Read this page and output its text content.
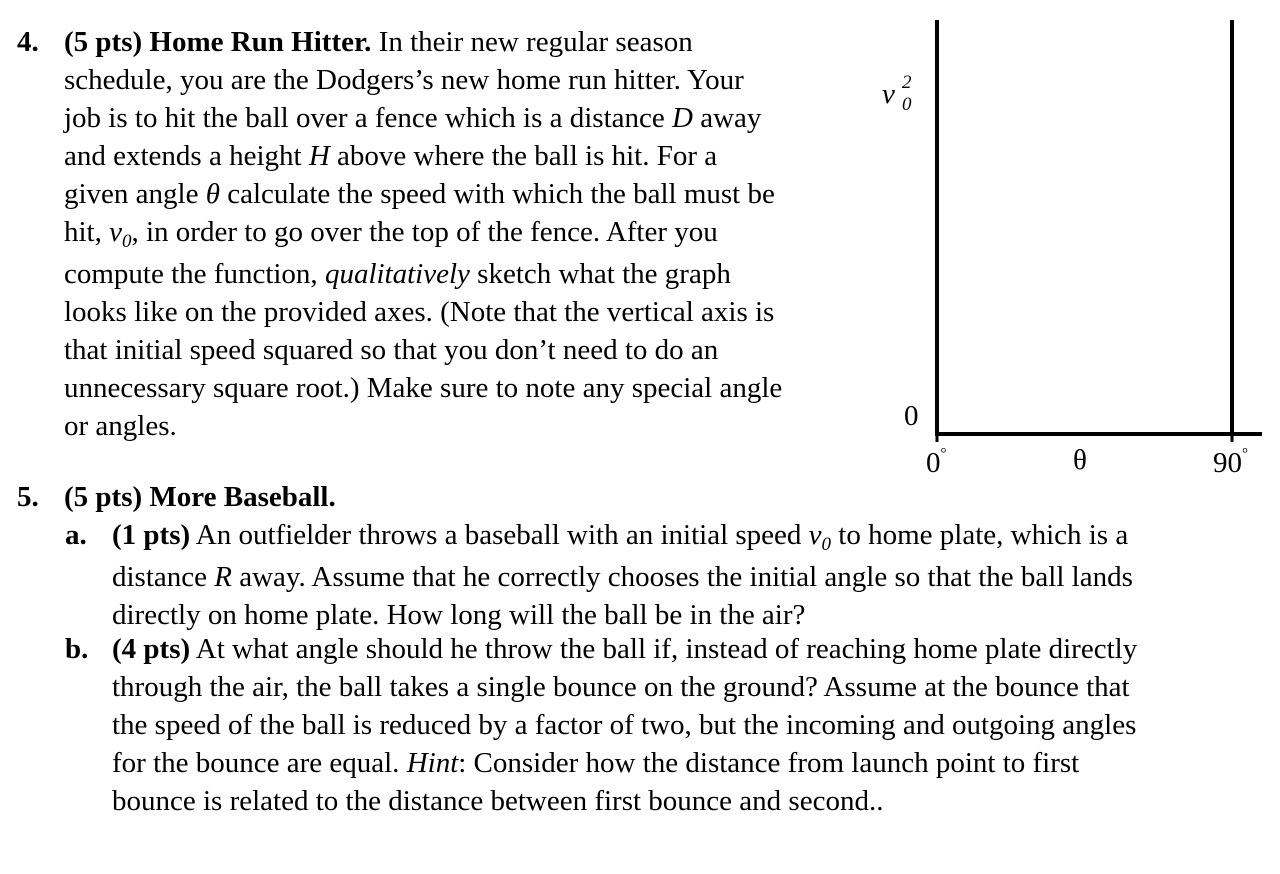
4. (5 pts) Home Run Hitter. In their new regular season
schedule, you are the Dodgers’s new home run hitter. Your
job is to hit the ball over a fence which is a distance D away
and extends a height H above where the ball is hit. For a
given angle θ calculate the speed with which the ball must be
hit, $v_0$, in order to go over the top of the fence. After you
compute the function, qualitatively sketch what the graph
looks like on the provided axes. (Note that the vertical axis is
that initial speed squared so that you don’t need to do an
unnecessary square root.) Make sure to note any special angle
or angles.
v 2
0
0
0°	θ	90°
5. (5 pts) More Baseball.
a. (1 pts) An outfielder throws a baseball with an initial speed $v_0$ to home plate, which is a
distance R away. Assume that he correctly chooses the initial angle so that the ball lands
directly on home plate. How long will the ball be in the air?
b. (4 pts) At what angle should he throw the ball if, instead of reaching home plate directly
through the air, the ball takes a single bounce on the ground? Assume at the bounce that
the speed of the ball is reduced by a factor of two, but the incoming and outgoing angles
for the bounce are equal. Hint: Consider how the distance from launch point to first
bounce is related to the distance between first bounce and second..
